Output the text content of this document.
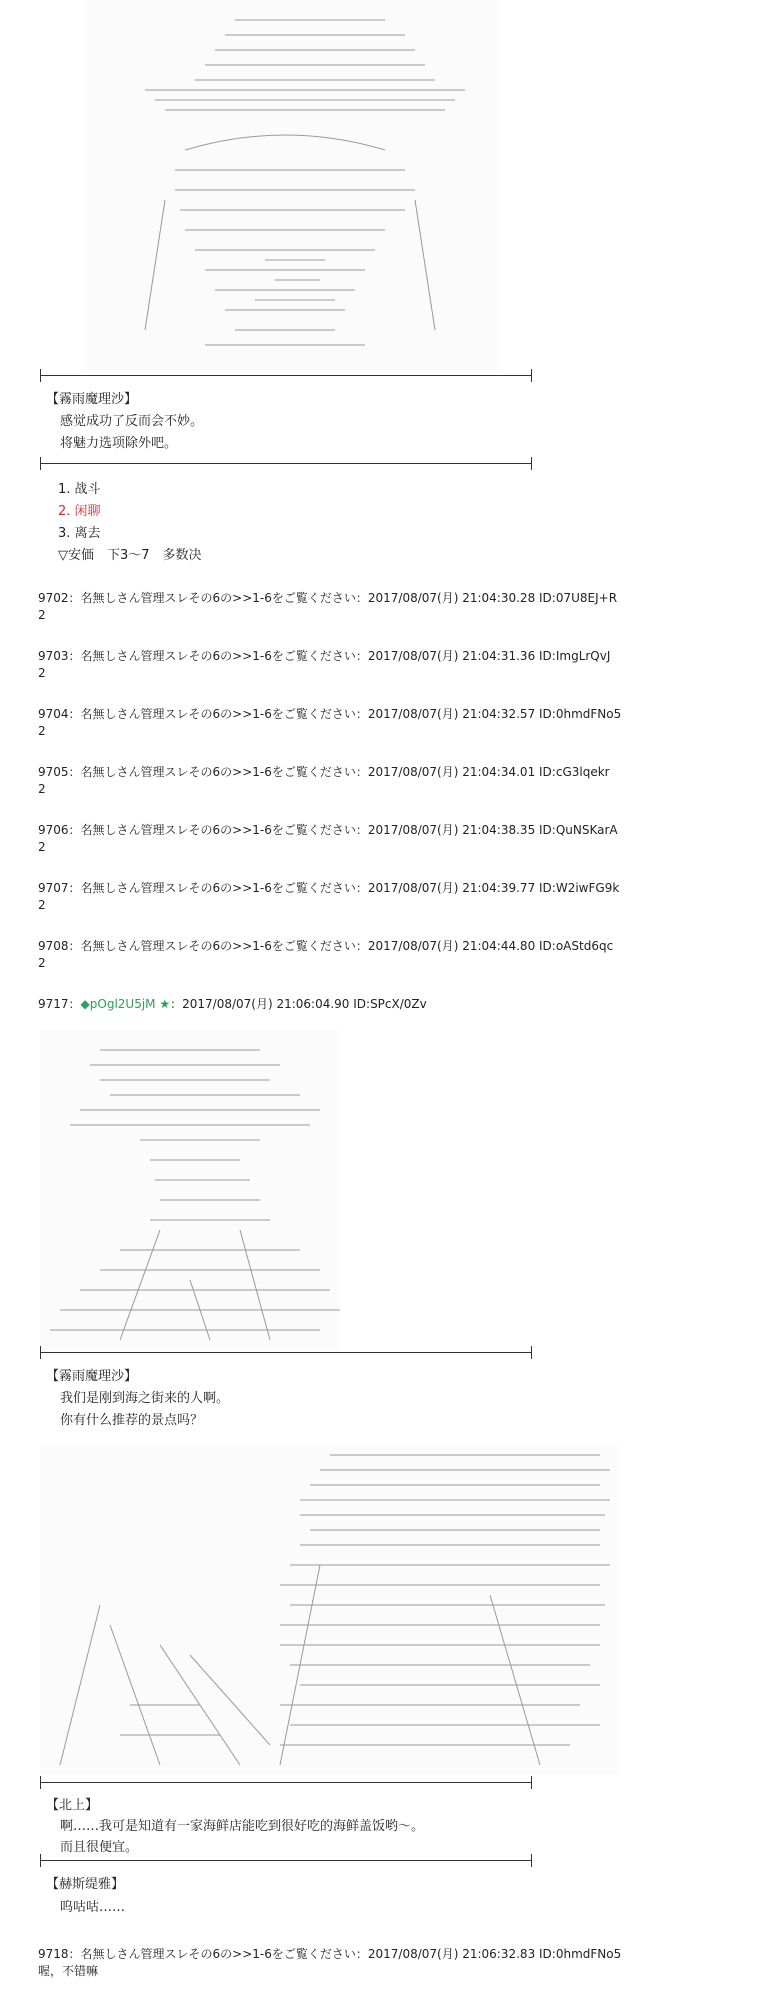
【霧雨魔理沙】
感觉成功了反而会不妙。
将魅力选项除外吧。
1. 战斗
2. 闲聊
3. 离去
▽安価　下3～7　多数决
9702：名無しさん管理スレその6の>>1-6をご覧ください：2017/08/07(月) 21:04:30.28 ID:07U8EJ+R
2
9703：名無しさん管理スレその6の>>1-6をご覧ください：2017/08/07(月) 21:04:31.36 ID:ImgLrQvJ
2
9704：名無しさん管理スレその6の>>1-6をご覧ください：2017/08/07(月) 21:04:32.57 ID:0hmdFNo5
2
9705：名無しさん管理スレその6の>>1-6をご覧ください：2017/08/07(月) 21:04:34.01 ID:cG3lqekr
2
9706：名無しさん管理スレその6の>>1-6をご覧ください：2017/08/07(月) 21:04:38.35 ID:QuNSKarA
2
9707：名無しさん管理スレその6の>>1-6をご覧ください：2017/08/07(月) 21:04:39.77 ID:W2iwFG9k
2
9708：名無しさん管理スレその6の>>1-6をご覧ください：2017/08/07(月) 21:04:44.80 ID:oAStd6qc
2
9717：◆pOgl2U5jM ★：2017/08/07(月) 21:06:04.90 ID:SPcX/0Zv
【霧雨魔理沙】
我们是刚到海之街来的人啊。
你有什么推荐的景点吗？
【北上】
啊……我可是知道有一家海鲜店能吃到很好吃的海鲜盖饭哟～。
而且很便宜。
【赫斯缇雅】
呜咕咕……
9718：名無しさん管理スレその6の>>1-6をご覧ください：2017/08/07(月) 21:06:32.83 ID:0hmdFNo5
喔，不错嘛
